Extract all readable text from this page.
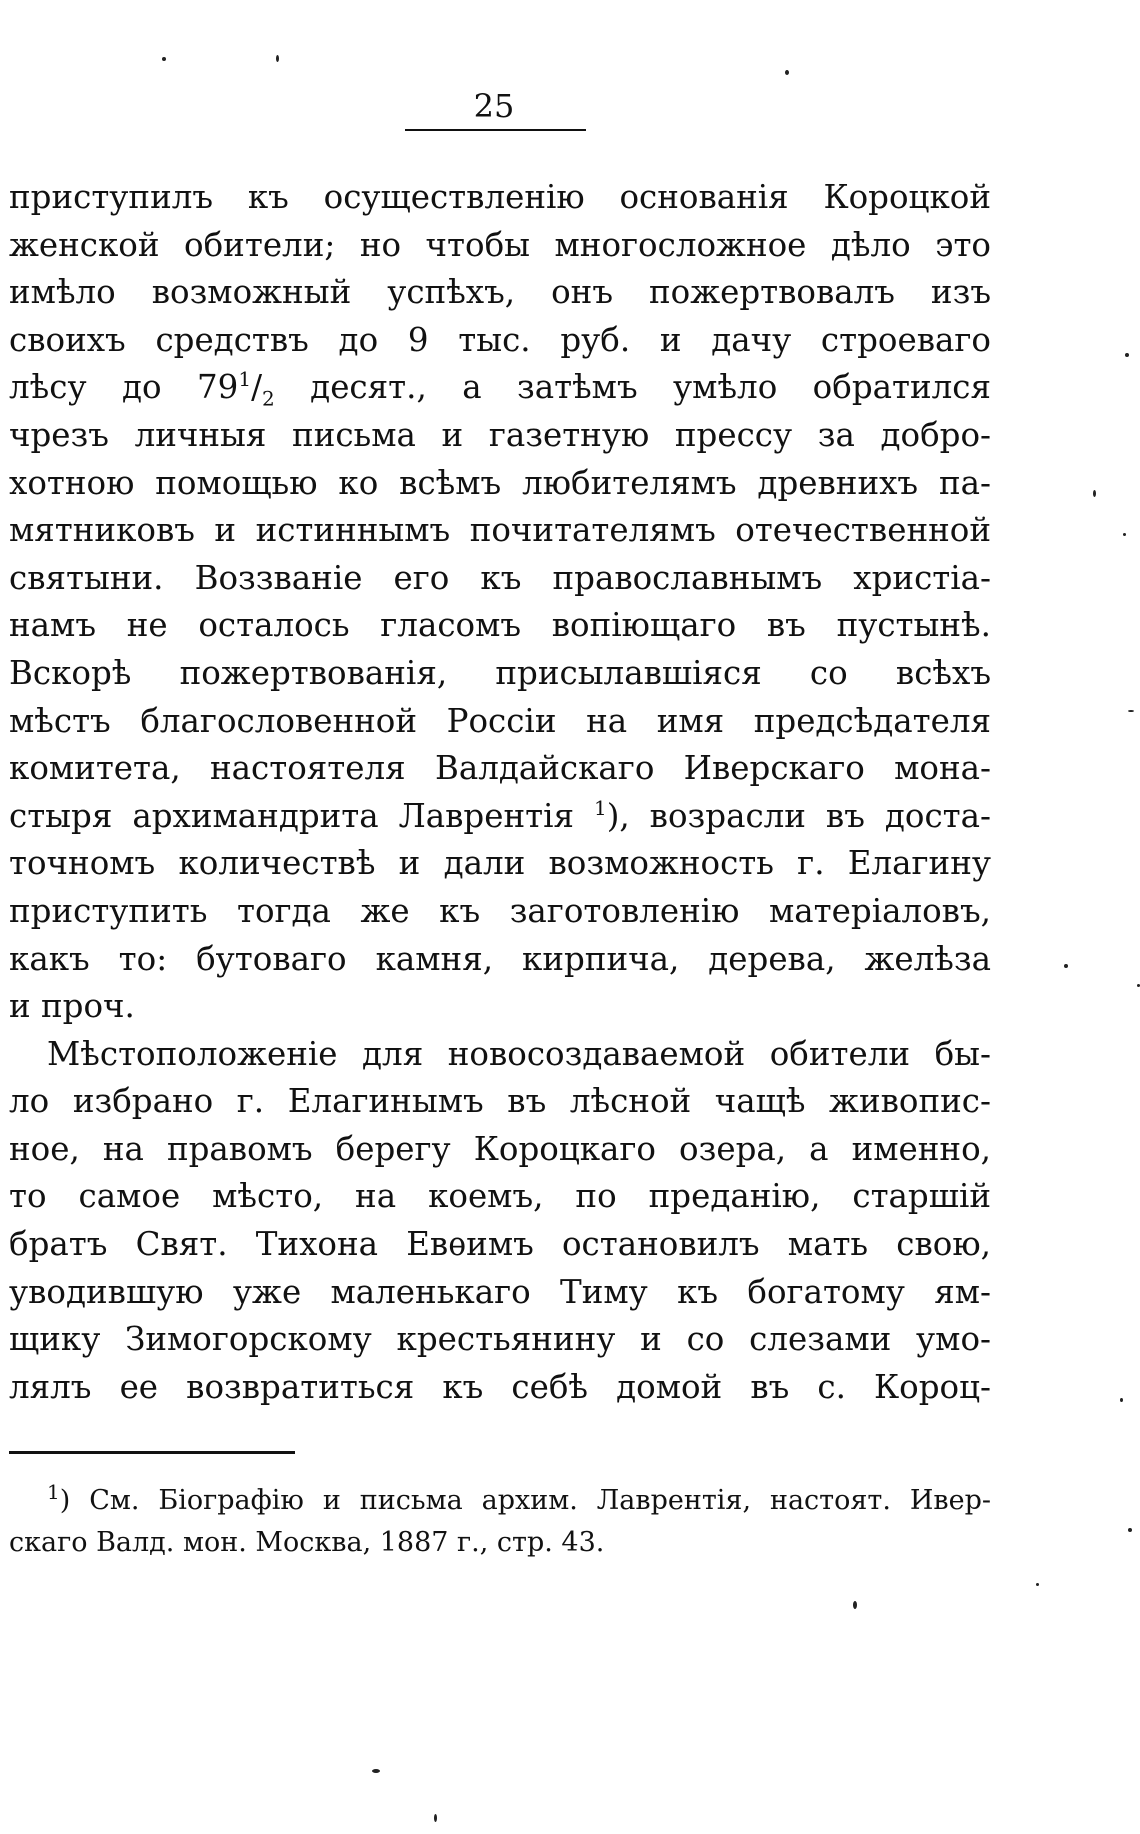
25
приступилъ къ осуществленію основанія Короцкой
женской обители; но чтобы многосложное дѣло это
имѣло возможный успѣхъ, онъ пожертвовалъ изъ
своихъ средствъ до 9 тыс. руб. и дачу строеваго
лѣсу до $79^1/_2$ десят., а затѣмъ умѣло обратился
чрезъ личныя письма и газетную прессу за добро-
хотною помощью ко всѣмъ любителямъ древнихъ па-
мятниковъ и истиннымъ почитателямъ отечественной
святыни. Воззваніе его къ православнымъ христіа-
намъ не осталось гласомъ вопіющаго въ пустынѣ.
Вскорѣ пожертвованія, присылавшіяся со всѣхъ
мѣстъ благословенной Россіи на имя предсѣдателя
комитета, настоятеля Валдайскаго Иверскаго мона-
стыря архимандрита Лаврентія $^1$), возрасли въ доста-
точномъ количествѣ и дали возможность г. Елагину
приступить тогда же къ заготовленію матеріаловъ,
какъ то: бутоваго камня, кирпича, дерева, желѣза
и проч.
Мѣстоположеніе для новосоздаваемой обители бы-
ло избрано г. Елагинымъ въ лѣсной чащѣ живопис-
ное, на правомъ берегу Короцкаго озера, а именно,
то самое мѣсто, на коемъ, по преданію, старшій
братъ Свят. Тихона Евѳимъ остановилъ мать свою,
уводившую уже маленькаго Тиму къ богатому ям-
щику Зимогорскому крестьянину и со слезами умо-
лялъ ее возвратиться къ себѣ домой въ с. Короц-
$^1$) См. Біографію и письма архим. Лаврентія, настоят. Ивер-
скаго Валд. мон. Москва, 1887 г., стр. 43.
